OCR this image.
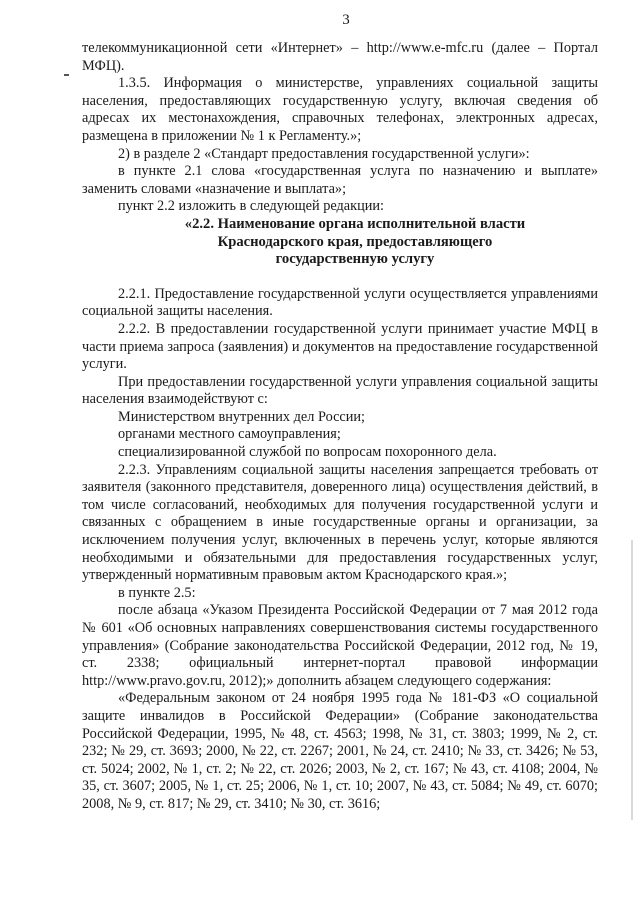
3

телекоммуникационной сети «Интернет» – http://www.e-mfc.ru (далее – Портал МФЦ).

1.3.5. Информация о министерстве, управлениях социальной защиты населения, предоставляющих государственную услугу, включая сведения об адресах их местонахождения, справочных телефонах, электронных адресах, размещена в приложении № 1 к Регламенту.»;

2) в разделе 2 «Стандарт предоставления государственной услуги»:

в пункте 2.1 слова «государственная услуга по назначению и выплате» заменить словами «назначение и выплата»;

пункт 2.2 изложить в следующей редакции:

«2.2. Наименование органа исполнительной власти
Краснодарского края, предоставляющего
государственную услугу

2.2.1. Предоставление государственной услуги осуществляется управлениями социальной защиты населения.

2.2.2. В предоставлении государственной услуги принимает участие МФЦ в части приема запроса (заявления) и документов на предоставление государственной услуги.

При предоставлении государственной услуги управления социальной защиты населения взаимодействуют с:

Министерством внутренних дел России;

органами местного самоуправления;

специализированной службой по вопросам похоронного дела.

2.2.3. Управлениям социальной защиты населения запрещается требовать от заявителя (законного представителя, доверенного лица) осуществления действий, в том числе согласований, необходимых для получения государственной услуги и связанных с обращением в иные государственные органы и организации, за исключением получения услуг, включенных в перечень услуг, которые являются необходимыми и обязательными для предоставления государственных услуг, утвержденный нормативным правовым актом Краснодарского края.»;

в пункте 2.5:

после абзаца «Указом Президента Российской Федерации от 7 мая 2012 года № 601 «Об основных направлениях совершенствования системы государственного управления» (Собрание законодательства Российской Федерации, 2012 год, № 19, ст. 2338; официальный интернет-портал правовой информации http://www.pravo.gov.ru, 2012);» дополнить абзацем следующего содержания:

«Федеральным законом от 24 ноября 1995 года № 181-ФЗ «О социальной защите инвалидов в Российской Федерации» (Собрание законодательства Российской Федерации, 1995, № 48, ст. 4563; 1998, № 31, ст. 3803; 1999, № 2, ст. 232; № 29, ст. 3693; 2000, № 22, ст. 2267; 2001, № 24, ст. 2410; № 33, ст. 3426; № 53, ст. 5024; 2002, № 1, ст. 2; № 22, ст. 2026; 2003, № 2, ст. 167; № 43, ст. 4108; 2004, № 35, ст. 3607; 2005, № 1, ст. 25; 2006, № 1, ст. 10; 2007, № 43, ст. 5084; № 49, ст. 6070; 2008, № 9, ст. 817; № 29, ст. 3410; № 30, ст. 3616;
